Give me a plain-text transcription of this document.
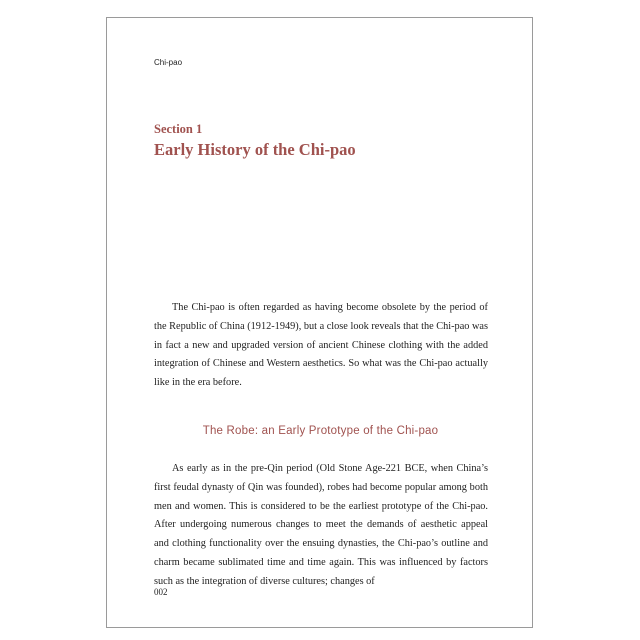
Chi-pao
Section 1
Early History of the Chi-pao

The Chi-pao is often regarded as having become obsolete by the period of the Republic of China (1912-1949), but a close look reveals that the Chi-pao was in fact a new and upgraded version of ancient Chinese clothing with the added integration of Chinese and Western aesthetics. So what was the Chi-pao actually like in the era before.

The Robe: an Early Prototype of the Chi-pao

As early as in the pre-Qin period (Old Stone Age-221 BCE, when China’s first feudal dynasty of Qin was founded), robes had become popular among both men and women. This is considered to be the earliest prototype of the Chi-pao. After undergoing numerous changes to meet the demands of aesthetic appeal and clothing functionality over the ensuing dynasties, the Chi-pao’s outline and charm became sublimated time and time again. This was influenced by factors such as the integration of diverse cultures; changes of

002
